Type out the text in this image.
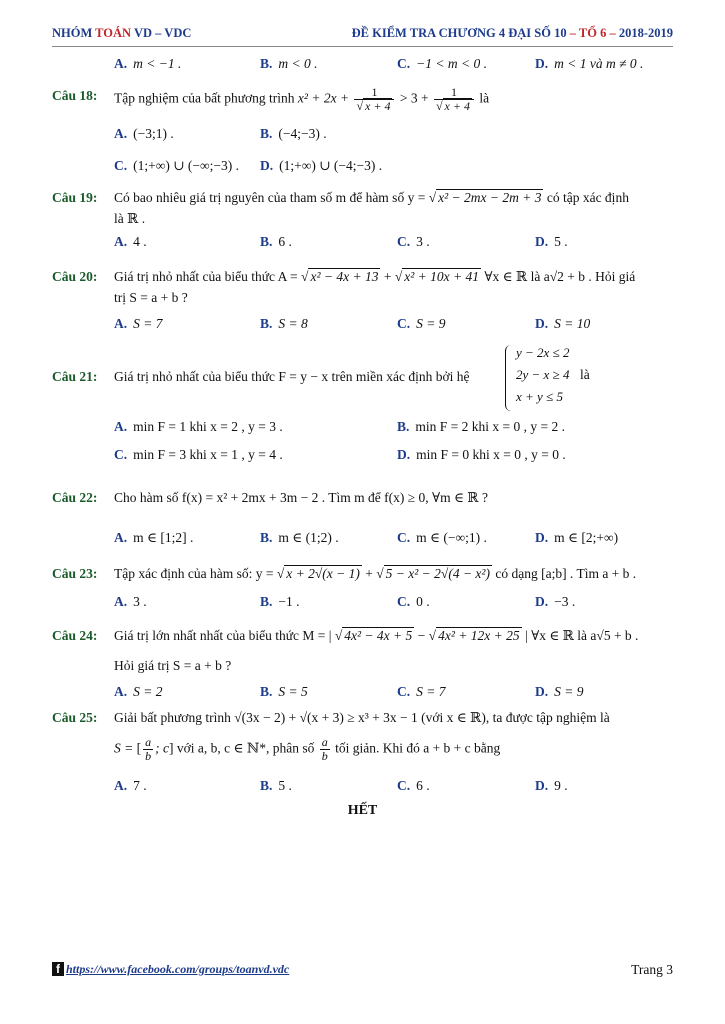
NHÓM TOÁN VD – VDC	ĐỀ KIỂM TRA CHƯƠNG 4 ĐẠI SỐ 10 – TỔ 6 – 2018-2019
A. m < −1 .	B. m < 0 .	C. −1 < m < 0 .	D. m < 1 và m ≠ 0 .
Câu 18: Tập nghiệm của bất phương trình $x^2 + 2x + \frac{1}{√ x + 4} > 3 + \frac{1}{√ x + 4}$ là
A. (−3;1) .	B. (−4;−3) .
C. (1;+∞) ∪ (−∞;−3) . D. (1;+∞) ∪ (−4;−3) .
Câu 19: Có bao nhiêu giá trị nguyên của tham số m để hàm số y = √ x² − 2mx − 2m + 3 có tập xác định
là ℝ .
A. 4 .	B. 6 .	C. 3 .	D. 5 .
Câu 20: Giá trị nhỏ nhất của biểu thức A = √ x² − 4x + 13 + √ x² + 10x + 41 ∀x ∈ ℝ là a√2 + b . Hỏi giá
trị S = a + b ?
A. S = 7	B. S = 8	C. S = 9	D. S = 10
Câu 21: Giá trị nhỏ nhất của biểu thức F = y − x trên miền xác định bởi hệ
y − 2x ≤ 2
2y − x ≥ 4
x + y ≤ 5
là
A. min F = 1 khi x = 2 , y = 3 .	B. min F = 2 khi x = 0 , y = 2 .
C. min F = 3 khi x = 1 , y = 4 .	D. min F = 0 khi x = 0 , y = 0 .
Câu 22: Cho hàm số f(x) = x² + 2mx + 3m − 2 . Tìm m để f(x) ≥ 0, ∀m ∈ ℝ ?
A. m ∈ [1;2] .	B. m ∈ (1;2) .	C. m ∈ (−∞;1) .	D. m ∈ [2;+∞)
Câu 23: Tập xác định của hàm số: y = √ x + 2√(x − 1) + √ 5 − x² − 2√(4 − x²) có dạng [a;b] . Tìm a + b .
A. 3 .	B. −1 .	C. 0 .	D. −3 .
Câu 24: Giá trị lớn nhất nhất của biểu thức M = | √ 4x² − 4x + 5 − √ 4x² + 12x + 25 | ∀x ∈ ℝ là a√5 + b .
Hỏi giá trị S = a + b ?
A. S = 2	B. S = 5	C. S = 7	D. S = 9
Câu 25: Giải bất phương trình √(3x − 2) + √(x + 3) ≥ x³ + 3x − 1 (với x ∈ ℝ), ta được tập nghiệm là
S = [ $\frac{a}{b}$ ; c] với a, b, c ∈ ℕ*, phân số $\frac{a}{b}$ tối giản. Khi đó a + b + c bằng
A. 7 .	B. 5 .	C. 6 .	D. 9 .
HẾT
f https://www.facebook.com/groups/toanvd.vdc	Trang 3
